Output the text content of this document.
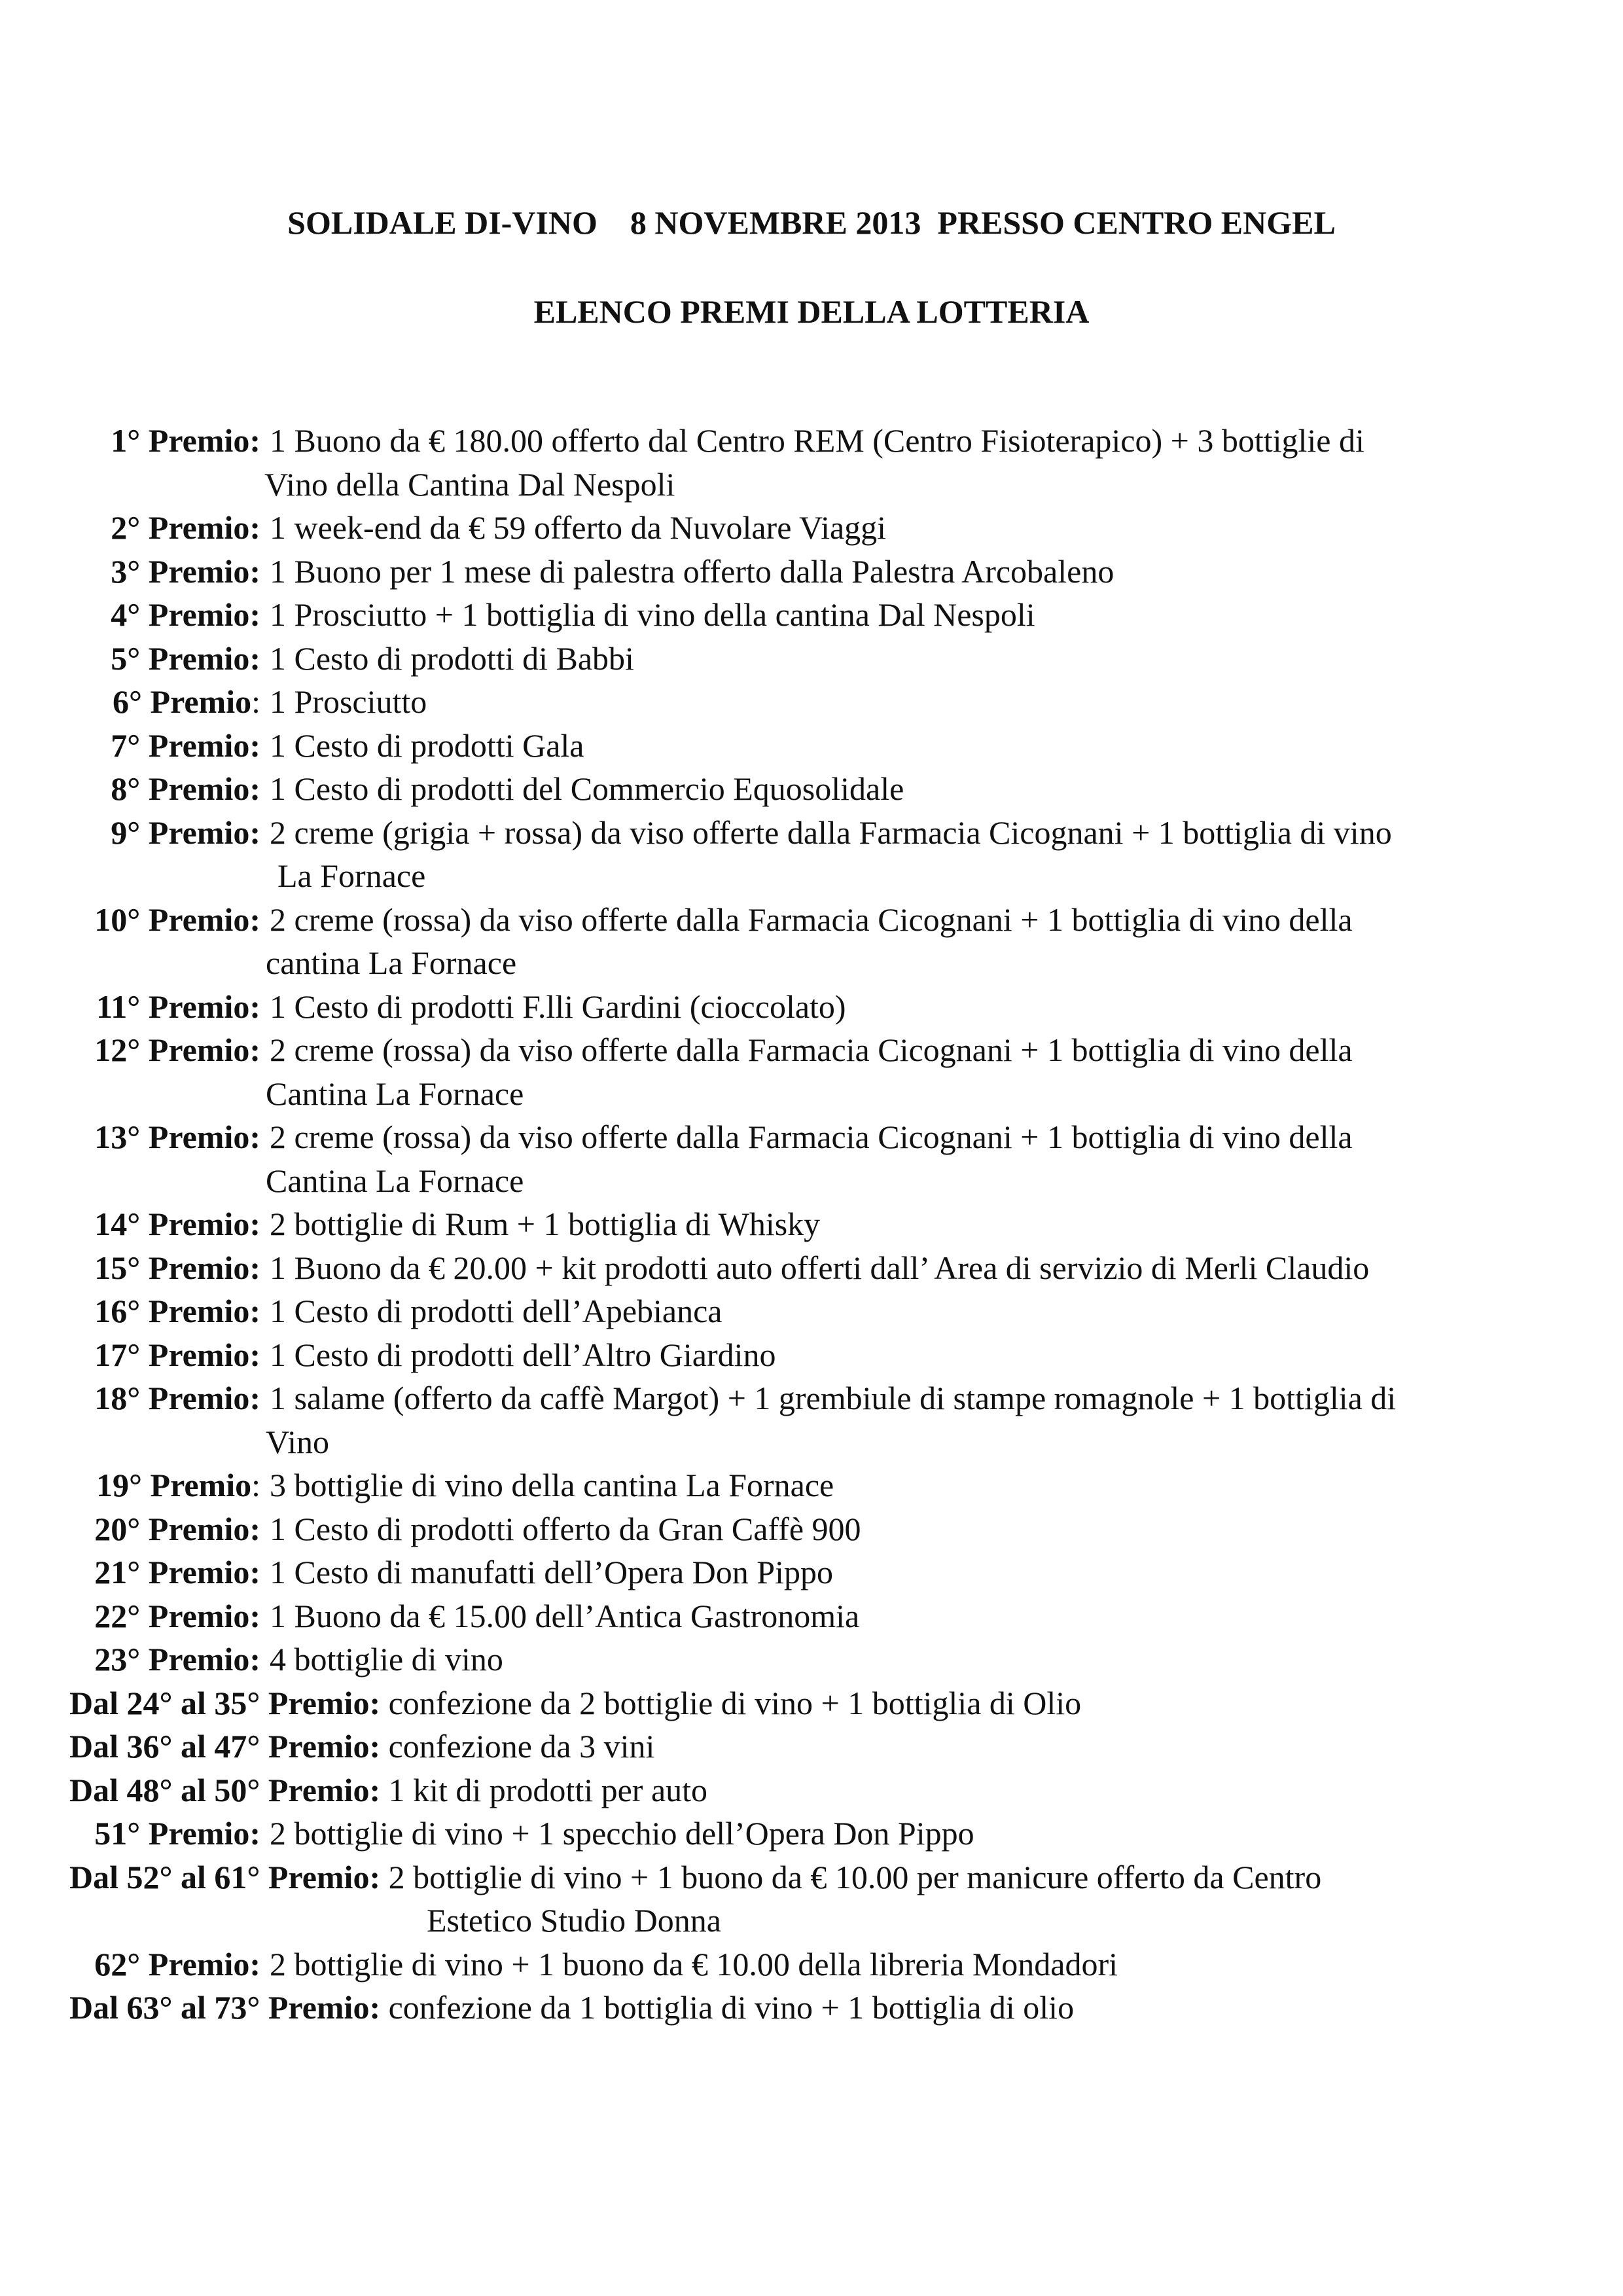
SOLIDALE DI-VINO    8 NOVEMBRE 2013  PRESSO CENTRO ENGEL
ELENCO PREMI DELLA LOTTERIA
1° Premio: 1 Buono da € 180.00 offerto dal Centro REM (Centro Fisioterapico) + 3 bottiglie di
Vino della Cantina Dal Nespoli
2° Premio: 1 week-end da € 59 offerto da Nuvolare Viaggi
3° Premio: 1 Buono per 1 mese di palestra offerto dalla Palestra Arcobaleno
4° Premio: 1 Prosciutto + 1 bottiglia di vino della cantina Dal Nespoli
5° Premio: 1 Cesto di prodotti di Babbi
6° Premio: 1 Prosciutto
7° Premio: 1 Cesto di prodotti Gala
8° Premio: 1 Cesto di prodotti del Commercio Equosolidale
9° Premio: 2 creme (grigia + rossa) da viso offerte dalla Farmacia Cicognani + 1 bottiglia di vino
La Fornace
10° Premio: 2 creme (rossa) da viso offerte dalla Farmacia Cicognani + 1 bottiglia di vino della
cantina La Fornace
11° Premio: 1 Cesto di prodotti F.lli Gardini (cioccolato)
12° Premio: 2 creme (rossa) da viso offerte dalla Farmacia Cicognani + 1 bottiglia di vino della
Cantina La Fornace
13° Premio: 2 creme (rossa) da viso offerte dalla Farmacia Cicognani + 1 bottiglia di vino della
Cantina La Fornace
14° Premio: 2 bottiglie di Rum + 1 bottiglia di Whisky
15° Premio: 1 Buono da € 20.00 + kit prodotti auto offerti dall’ Area di servizio di Merli Claudio
16° Premio: 1 Cesto di prodotti dell’Apebianca
17° Premio: 1 Cesto di prodotti dell’Altro Giardino
18° Premio: 1 salame (offerto da caffè Margot) + 1 grembiule di stampe romagnole + 1 bottiglia di
Vino
19° Premio: 3 bottiglie di vino della cantina La Fornace
20° Premio: 1 Cesto di prodotti offerto da Gran Caffè 900
21° Premio: 1 Cesto di manufatti dell’Opera Don Pippo
22° Premio: 1 Buono da € 15.00 dell’Antica Gastronomia
23° Premio: 4 bottiglie di vino
Dal 24° al 35° Premio: confezione da 2 bottiglie di vino + 1 bottiglia di Olio
Dal 36° al 47° Premio: confezione da 3 vini
Dal 48° al 50° Premio: 1 kit di prodotti per auto
51° Premio: 2 bottiglie di vino + 1 specchio dell’Opera Don Pippo
Dal 52° al 61° Premio: 2 bottiglie di vino + 1 buono da € 10.00 per manicure offerto da Centro
Estetico Studio Donna
62° Premio: 2 bottiglie di vino + 1 buono da € 10.00 della libreria Mondadori
Dal 63° al 73° Premio: confezione da 1 bottiglia di vino + 1 bottiglia di olio
